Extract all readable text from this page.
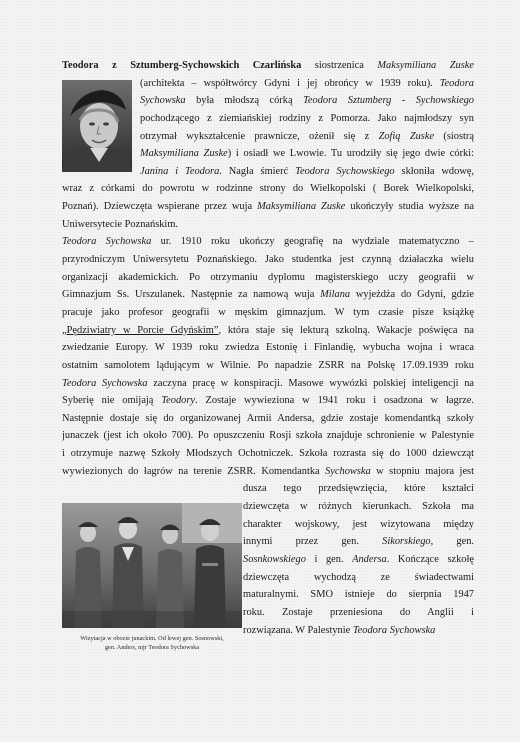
Wizytacja w obozie junackim. Od lewej gen. Sosnowski,
gen. Anders, mjr Teodora Sychowska
Teodora z Sztumberg-Sychowskich Czarlińska siostrzenica Maksymiliana Zuske
(architekta – współtwórcy Gdyni i jej obrońcy w 1939 roku). Teodora
Sychowska była młodszą córką Teodora Sztumberg - Sychowskiego
pochodzącego z ziemiańskiej rodziny z Pomorza. Jako najmłodszy syn
otrzymał wykształcenie prawnicze, ożenił się z Zofią Zuske (siostrą
Maksymiliana Zuske) i osiadł we Lwowie. Tu urodziły się jego dwie córki:
Janina i Teodora. Nagła śmierć Teodora Sychowskiego skłoniła wdowę,
wraz z córkami do powrotu w rodzinne strony do Wielkopolski ( Borek Wielkopolski,
Poznań). Dziewczęta wspierane przez wuja Maksymiliana Zuske ukończyły studia wyższe na
Uniwersytecie Poznańskim.
Teodora Sychowska ur. 1910 roku ukończy geografię na wydziale matematyczno –
przyrodniczym Uniwersytetu Poznańskiego. Jako studentka jest czynną działaczka wielu
organizacji akademickich. Po otrzymaniu dyplomu magisterskiego uczy geografii w
Gimnazjum Ss. Urszulanek. Następnie za namową wuja Milana wyjeżdża do Gdyni, gdzie
pracuje jako profesor geografii w męskim gimnazjum. W tym czasie pisze książkę
„Pędziwiatry w Porcie Gdyńskim”, która staje się lekturą szkolną. Wakacje poświęca na
zwiedzanie Europy. W 1939 roku zwiedza Estonię i Finlandię, wybucha wojna i wraca
ostatnim samolotem lądującym w Wilnie. Po napadzie ZSRR na Polskę 17.09.1939 roku
Teodora Sychowska zaczyna pracę w konspiracji. Masowe wywózki polskiej inteligencji na
Syberię nie omijają Teodory. Zostaje wywieziona w 1941 roku i osadzona w łagrze.
Następnie dostaje się do organizowanej Armii Andersa, gdzie zostaje komendantką szkoły
junaczek (jest ich około 700). Po opuszczeniu Rosji szkoła znajduje schronienie w Palestynie
i otrzymuje nazwę Szkoły Młodszych Ochotniczek. Szkoła rozrasta się do 1000 dziewcząt
wywiezionych do łagrów na terenie ZSRR. Komendantka Sychowska w stopniu majora jest
dusza tego przedsięwzięcia, które kształci
dziewczęta w różnych kierunkach. Szkoła ma
charakter wojskowy, jest wizytowana między
innymi przez gen. Sikorskiego, gen.
Sosnkowskiego i gen. Andersa. Kończące szkołę
dziewczęta wychodzą ze świadectwami
maturalnymi. SMO istnieje do sierpnia 1947
roku. Zostaje przeniesiona do Anglii i
rozwiązana. W Palestynie Teodora Sychowska
